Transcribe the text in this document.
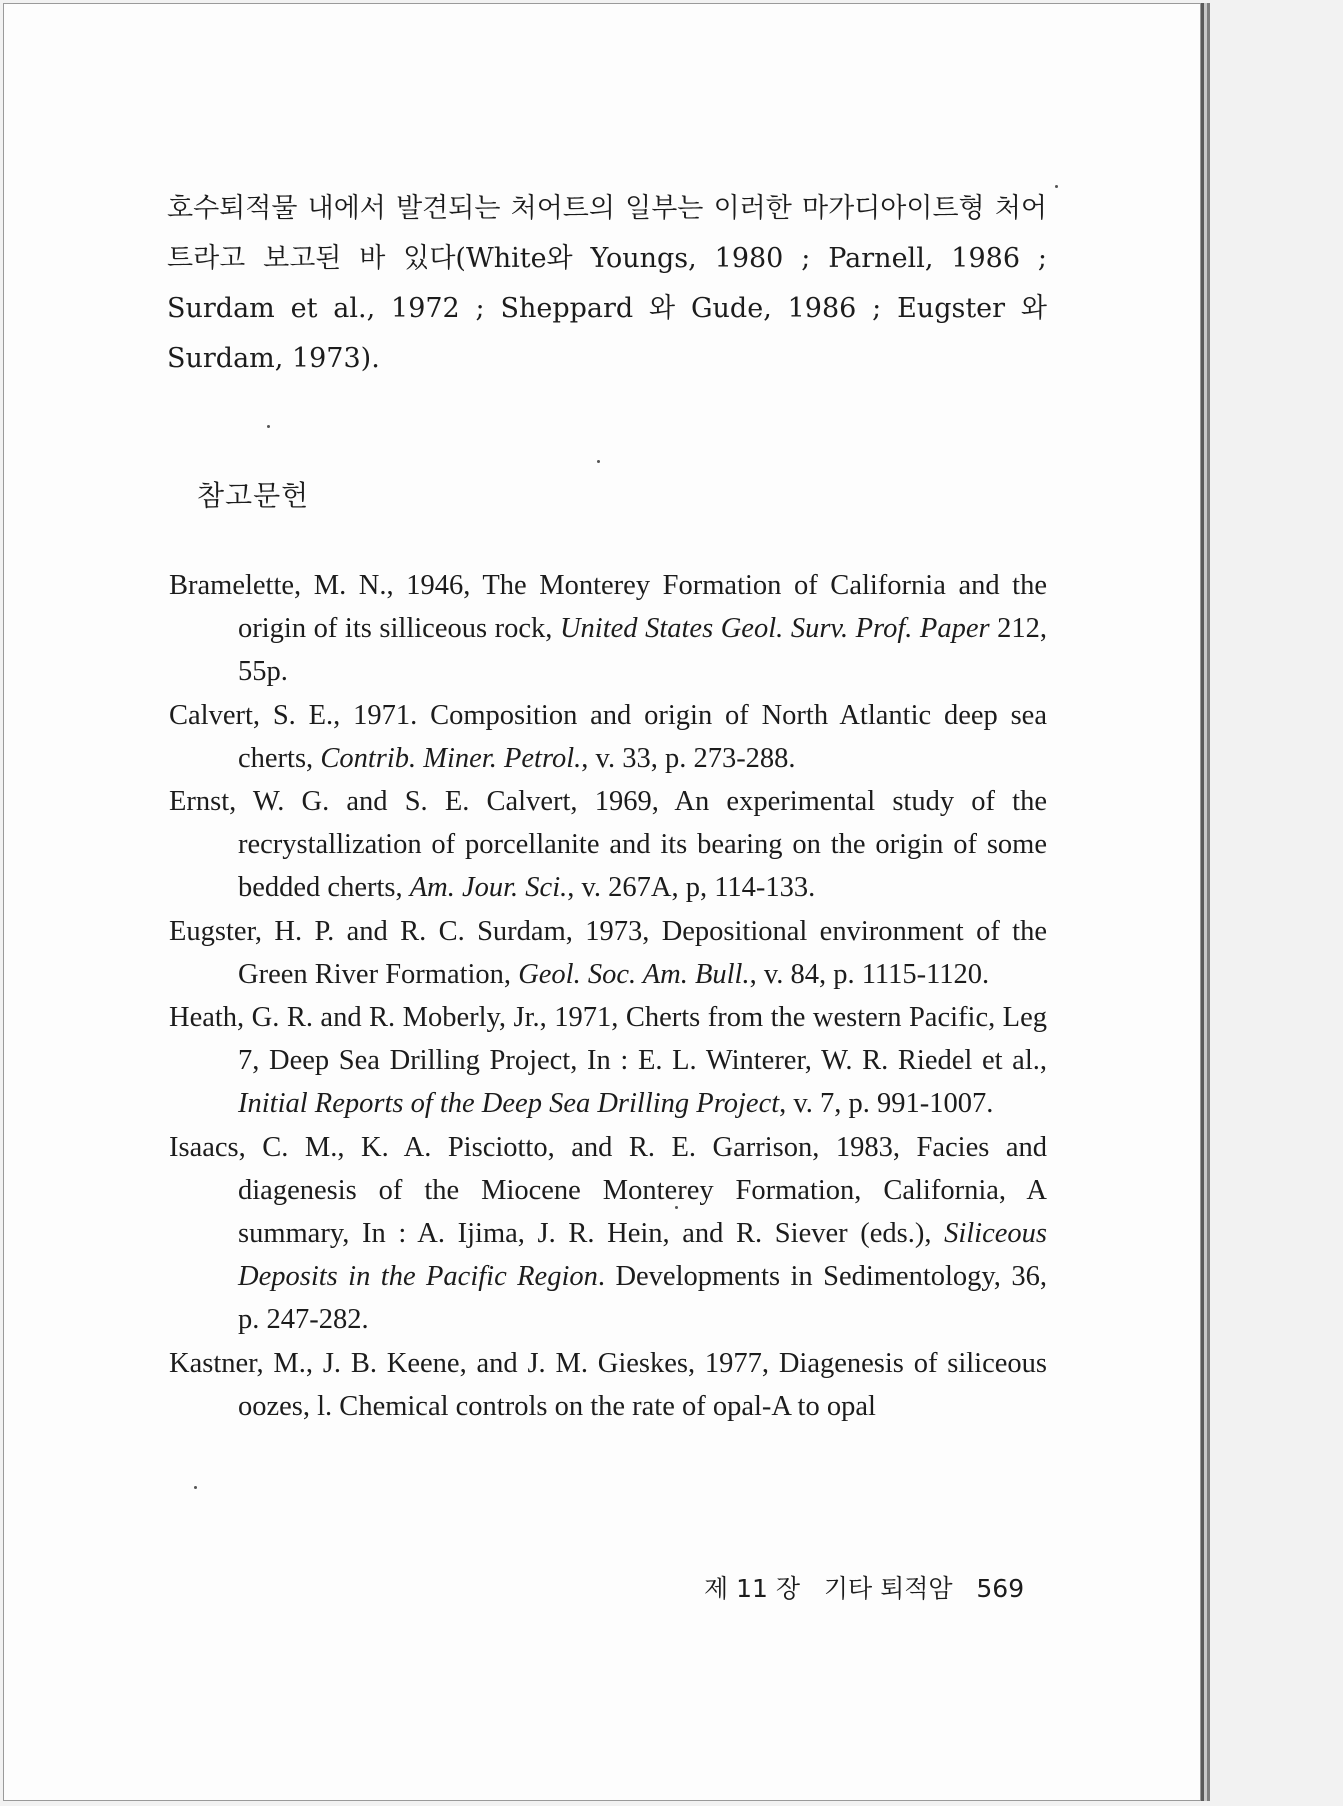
호수퇴적물 내에서 발견되는 처어트의 일부는 이러한 마가디아이트형 처어트라고 보고된 바 있다(White와 Youngs, 1980 ; Parnell, 1986 ; Surdam et al., 1972 ; Sheppard 와 Gude, 1986 ; Eugster 와
Surdam, 1973).

참고문헌
Bramelette, M. N., 1946, The Monterey Formation of California and the origin of its silliceous rock, United States Geol. Surv. Prof. Paper 212, 55p.
Calvert, S. E., 1971. Composition and origin of North Atlantic deep sea cherts, Contrib. Miner. Petrol., v. 33, p. 273-288.
Ernst, W. G. and S. E. Calvert, 1969, An experimental study of the recrystallization of porcellanite and its bearing on the origin of some bedded cherts, Am. Jour. Sci., v. 267A, p, 114-133.
Eugster, H. P. and R. C. Surdam, 1973, Depositional environment of the Green River Formation, Geol. Soc. Am. Bull., v. 84, p. 1115-1120.
Heath, G. R. and R. Moberly, Jr., 1971, Cherts from the western Pacific, Leg 7, Deep Sea Drilling Project, In : E. L. Winterer, W. R. Riedel et al., Initial Reports of the Deep Sea Drilling Project, v. 7, p. 991-1007.
Isaacs, C. M., K. A. Pisciotto, and R. E. Garrison, 1983, Facies and diagenesis of the Miocene Monterey Formation, California, A summary, In : A. Ijima, J. R. Hein, and R. Siever (eds.), Siliceous Deposits in the Pacific Region. Developments in Sedimentology, 36, p. 247-282.
Kastner, M., J. B. Keene, and J. M. Gieskes, 1977, Diagenesis of siliceous oozes, l. Chemical controls on the rate of opal-A to opal

제 11 장   기타 퇴적암   569
